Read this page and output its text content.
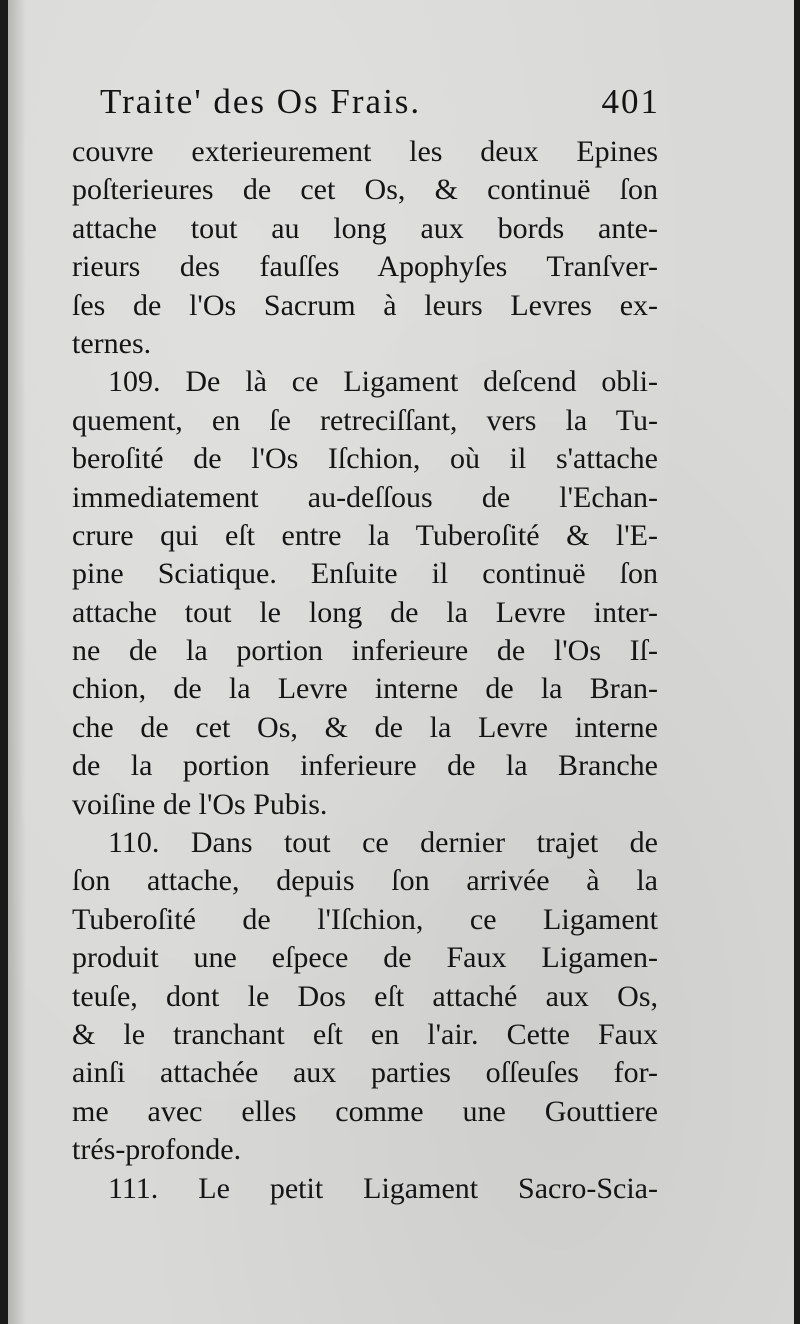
Traite' des Os Frais.	401
couvre exterieurement les deux Epines
poſterieures de cet Os, & continuë ſon
attache tout au long aux bords ante-
rieurs des fauſſes Apophyſes Tranſver-
ſes de l'Os Sacrum à leurs Levres ex-
ternes.
109. De là ce Ligament deſcend obli-
quement, en ſe retreciſſant, vers la Tu-
beroſité de l'Os Iſchion, où il s'attache
immediatement au-deſſous de l'Echan-
crure qui eſt entre la Tuberoſité & l'E-
pine Sciatique. Enſuite il continuë ſon
attache tout le long de la Levre inter-
ne de la portion inferieure de l'Os Iſ-
chion, de la Levre interne de la Bran-
che de cet Os, & de la Levre interne
de la portion inferieure de la Branche
voiſine de l'Os Pubis.
110. Dans tout ce dernier trajet de
ſon attache, depuis ſon arrivée à la
Tuberoſité de l'Iſchion, ce Ligament
produit une eſpece de Faux Ligamen-
teuſe, dont le Dos eſt attaché aux Os,
& le tranchant eſt en l'air. Cette Faux
ainſi attachée aux parties oſſeuſes for-
me avec elles comme une Gouttiere
trés-profonde.
111. Le petit Ligament Sacro-Scia-
